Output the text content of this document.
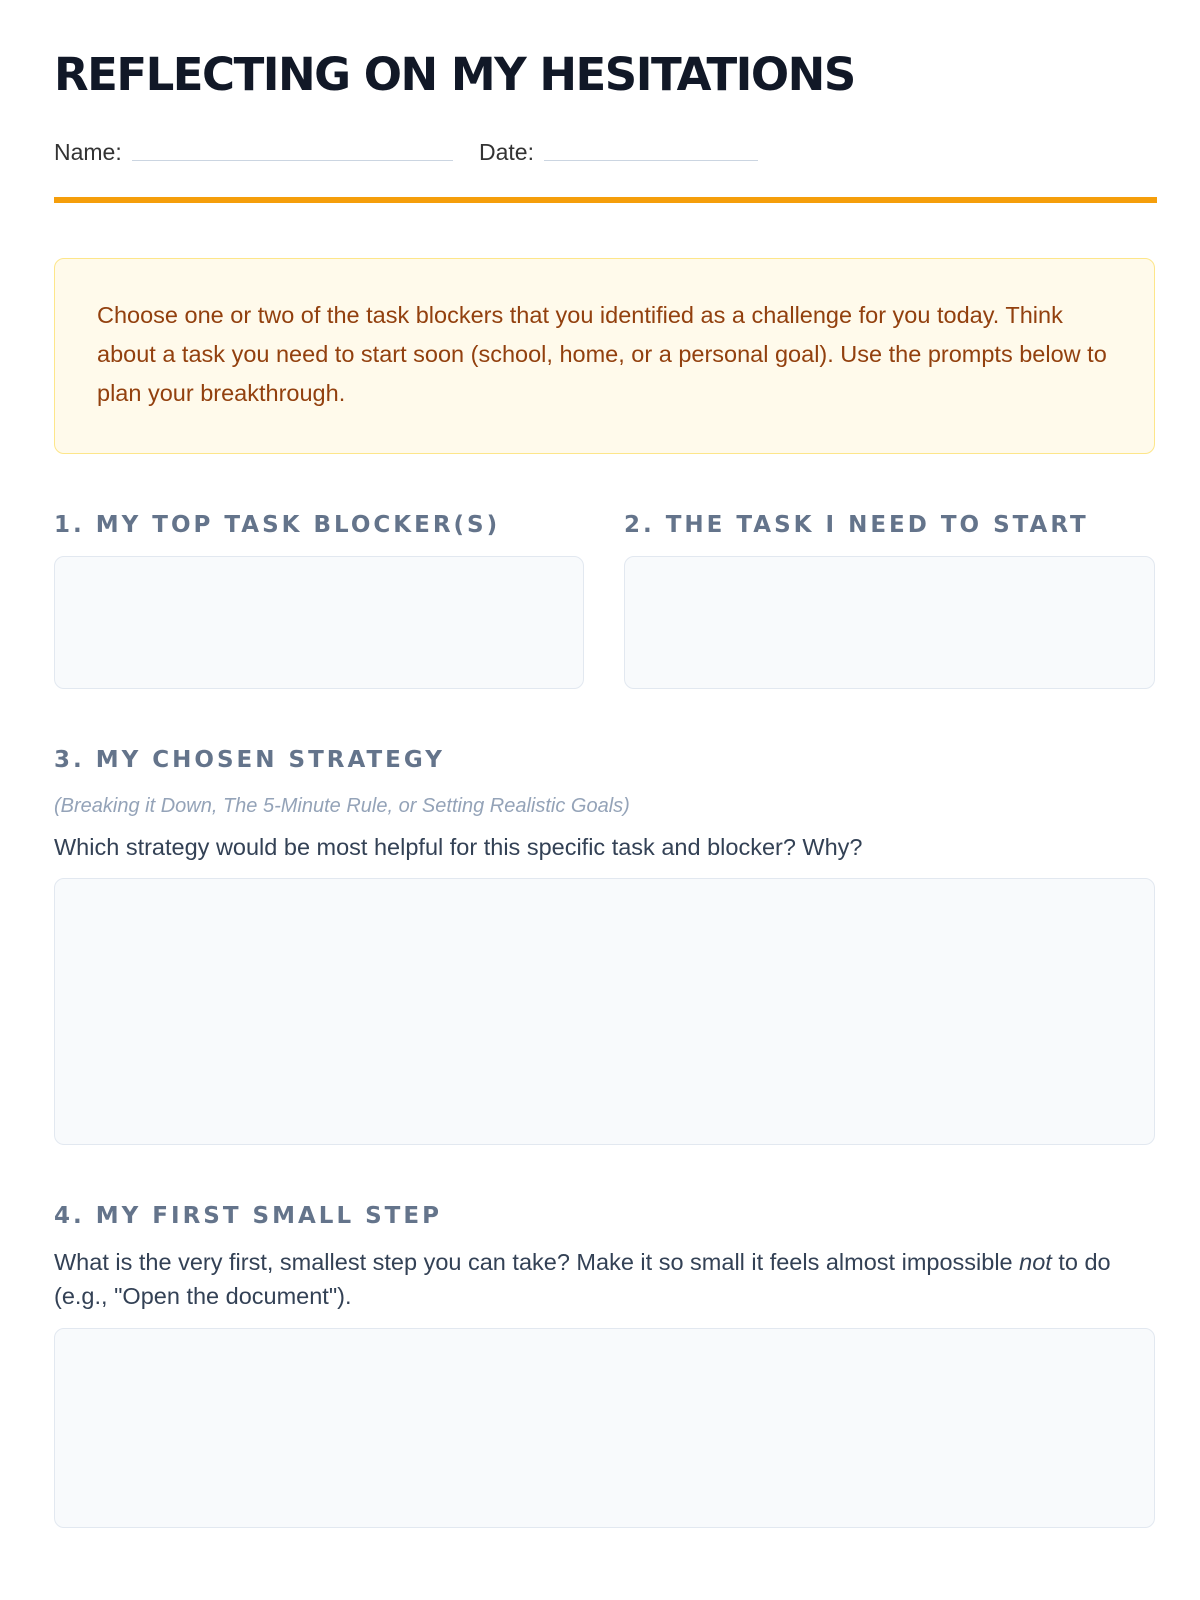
REFLECTING ON MY HESITATIONS
Name:	Date:
Choose one or two of the task blockers that you identified as a challenge for you today. Think about a task you need to start soon (school, home, or a personal goal). Use the prompts below to plan your breakthrough.
1. MY TOP TASK BLOCKER(S)	2. THE TASK I NEED TO START
3. MY CHOSEN STRATEGY
(Breaking it Down, The 5-Minute Rule, or Setting Realistic Goals)
Which strategy would be most helpful for this specific task and blocker? Why?
4. MY FIRST SMALL STEP
What is the very first, smallest step you can take? Make it so small it feels almost impossible not to do (e.g., "Open the document").
